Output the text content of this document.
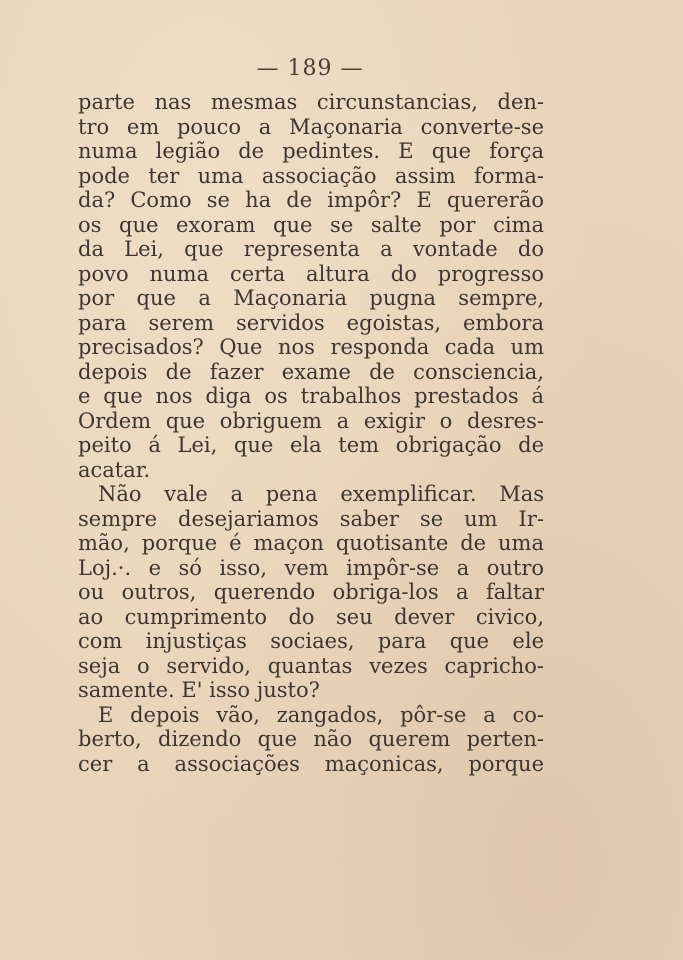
— 189 —
parte nas mesmas circunstancias, den-
tro em pouco a Maçonaria converte-se
numa legião de pedintes. E que força
pode ter uma associação assim forma-
da? Como se ha de impôr? E quererão
os que exoram que se salte por cima
da Lei, que representa a vontade do
povo numa certa altura do progresso
por que a Maçonaria pugna sempre,
para serem servidos egoistas, embora
precisados? Que nos responda cada um
depois de fazer exame de consciencia,
e que nos diga os trabalhos prestados á
Ordem que obriguem a exigir o desres-
peito á Lei, que ela tem obrigação de
acatar.
Não vale a pena exemplificar. Mas
sempre desejariamos saber se um Ir-
mão, porque é maçon quotisante de uma
Loj.·. e só isso, vem impôr-se a outro
ou outros, querendo obriga-los a faltar
ao cumprimento do seu dever civico,
com injustiças sociaes, para que ele
seja o servido, quantas vezes capricho-
samente. E' isso justo?
E depois vão, zangados, pôr-se a co-
berto, dizendo que não querem perten-
cer a associações maçonicas, porque
